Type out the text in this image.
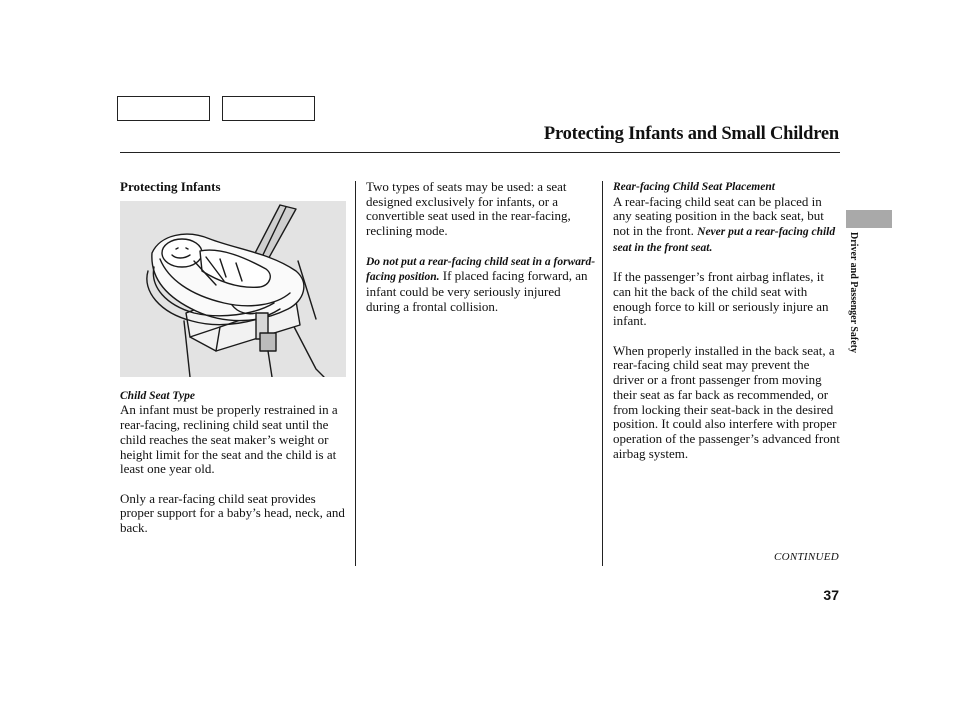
Protecting Infants and Small Children
Protecting Infants
Child Seat Type

An infant must be properly restrained in a rear-facing, reclining child seat until the child reaches the seat maker’s weight or height limit for the seat and the child is at least one year old.

Only a rear-facing child seat provides proper support for a baby’s head, neck, and back.

Two types of seats may be used: a seat designed exclusively for infants, or a convertible seat used in the rear-facing, reclining mode.

Do not put a rear-facing child seat in a forward-facing position. If placed facing forward, an infant could be very seriously injured during a frontal collision.

Rear-facing Child Seat Placement

A rear-facing child seat can be placed in any seating position in the back seat, but not in the front. Never put a rear-facing child seat in the front seat.

If the passenger’s front airbag inflates, it can hit the back of the child seat with enough force to kill or seriously injure an infant.

When properly installed in the back seat, a rear-facing child seat may prevent the driver or a front passenger from moving their seat as far back as recommended, or from locking their seat-back in the desired position. It could also interfere with proper operation of the passenger’s advanced front airbag system.

Driver and Passenger Safety
CONTINUED
37
